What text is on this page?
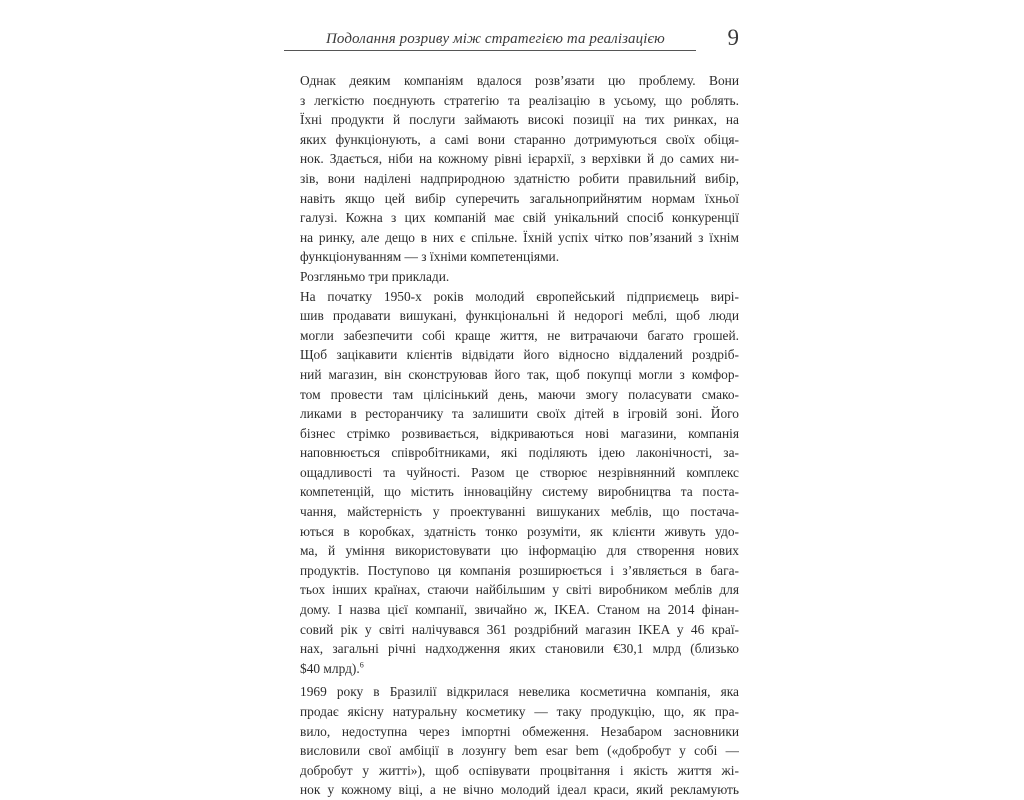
Подолання розриву між стратегією та реалізацією	9

Однак деяким компаніям вдалося розв’язати цю проблему. Вони
з легкістю поєднують стратегію та реалізацію в усьому, що роблять.
Їхні продукти й послуги займають високі позиції на тих ринках, на
яких функціонують, а самі вони старанно дотримуються своїх обіця-
нок. Здається, ніби на кожному рівні ієрархії, з верхівки й до самих ни-
зів, вони наділені надприродною здатністю робити правильний вибір,
навіть якщо цей вибір суперечить загальноприйнятим нормам їхньої
галузі. Кожна з цих компаній має свій унікальний спосіб конкуренції
на ринку, але дещо в них є спільне. Їхній успіх чітко пов’язаний з їхнім
функціонуванням — з їхніми компетенціями.

Розгляньмо три приклади.

На початку 1950-х років молодий європейський підприємець вирі-
шив продавати вишукані, функціональні й недорогі меблі, щоб люди
могли забезпечити собі краще життя, не витрачаючи багато грошей.
Щоб зацікавити клієнтів відвідати його відносно віддалений роздріб-
ний магазин, він сконструював його так, щоб покупці могли з комфор-
том провести там цілісінький день, маючи змогу поласувати смако-
ликами в ресторанчику та залишити своїх дітей в ігровій зоні. Його
бізнес стрімко розвивається, відкриваються нові магазини, компанія
наповнюється співробітниками, які поділяють ідею лаконічності, за-
ощадливості та чуйності. Разом це створює незрівнянний комплекс
компетенцій, що містить інноваційну систему виробництва та поста-
чання, майстерність у проектуванні вишуканих меблів, що постача-
ються в коробках, здатність тонко розуміти, як клієнти живуть удо-
ма, й уміння використовувати цю інформацію для створення нових
продуктів. Поступово ця компанія розширюється і з’являється в бага-
тьох інших країнах, стаючи найбільшим у світі виробником меблів для
дому. І назва цієї компанії, звичайно ж, IKEA. Станом на 2014 фінан-
совий рік у світі налічувався 361 роздрібний магазин IKEA у 46 краї-
нах, загальні річні надходження яких становили €30,1 млрд (близько
$40 млрд).$^6$

1969 року в Бразилії відкрилася невелика косметична компанія, яка
продає якісну натуральну косметику — таку продукцію, що, як пра-
вило, недоступна через імпортні обмеження. Незабаром засновники
висловили свої амбіції в лозунгу bem esar bem («добробут у собі —
добробут у житті»), щоб оспівувати процвітання і якість життя жі-
нок у кожному віці, а не вічно молодий ідеал краси, який рекламують
